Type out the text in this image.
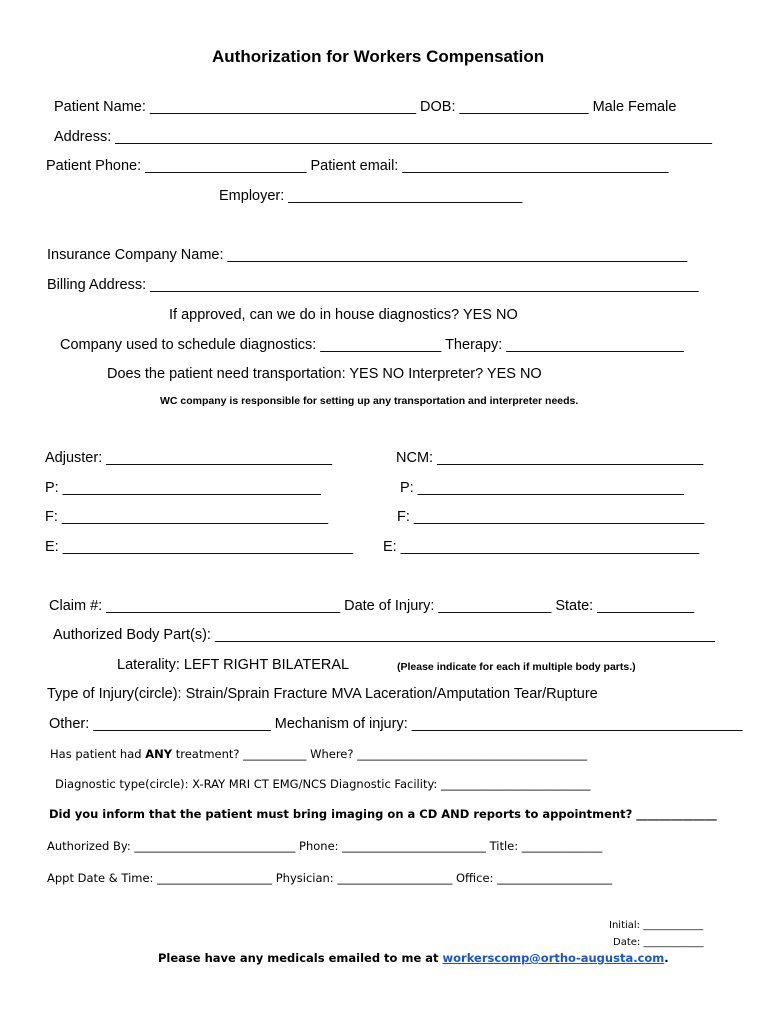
Authorization for Workers Compensation
Patient Name: _________________________________ DOB: ________________ Male Female
Address: __________________________________________________________________________
Patient Phone: ____________________ Patient email: _________________________________
Employer: _____________________________
Insurance Company Name: _________________________________________________________
Billing Address: ____________________________________________________________________
If approved, can we do in house diagnostics? YES NO
Company used to schedule diagnostics: _______________ Therapy: ______________________
Does the patient need transportation: YES NO Interpreter? YES NO
WC company is responsible for setting up any transportation and interpreter needs.
Adjuster: ____________________________	NCM: _________________________________
P: ________________________________	P: _________________________________
F: _________________________________	F: ____________________________________
E: ____________________________________ E: _____________________________________
Claim #: _____________________________ Date of Injury: ______________ State: ____________
Authorized Body Part(s): ______________________________________________________________
Laterality: LEFT RIGHT BILATERAL	(Please indicate for each if multiple body parts.)
Type of Injury(circle): Strain/Sprain Fracture MVA Laceration/Amputation Tear/Rupture
Other: ______________________ Mechanism of injury: _________________________________________
Has patient had ANY treatment? ___________ Where? ________________________________________
Diagnostic type(circle): X-RAY MRI CT EMG/NCS Diagnostic Facility: __________________________
Did you inform that the patient must bring imaging on a CD AND reports to appointment? ______________
Authorized By: ____________________________ Phone: _________________________ Title: ______________
Appt Date & Time: ____________________ Physician: ____________________ Office: ____________________
Initial: ____________
Date: ____________
Please have any medicals emailed to me at workerscomp@ortho-augusta.com.
